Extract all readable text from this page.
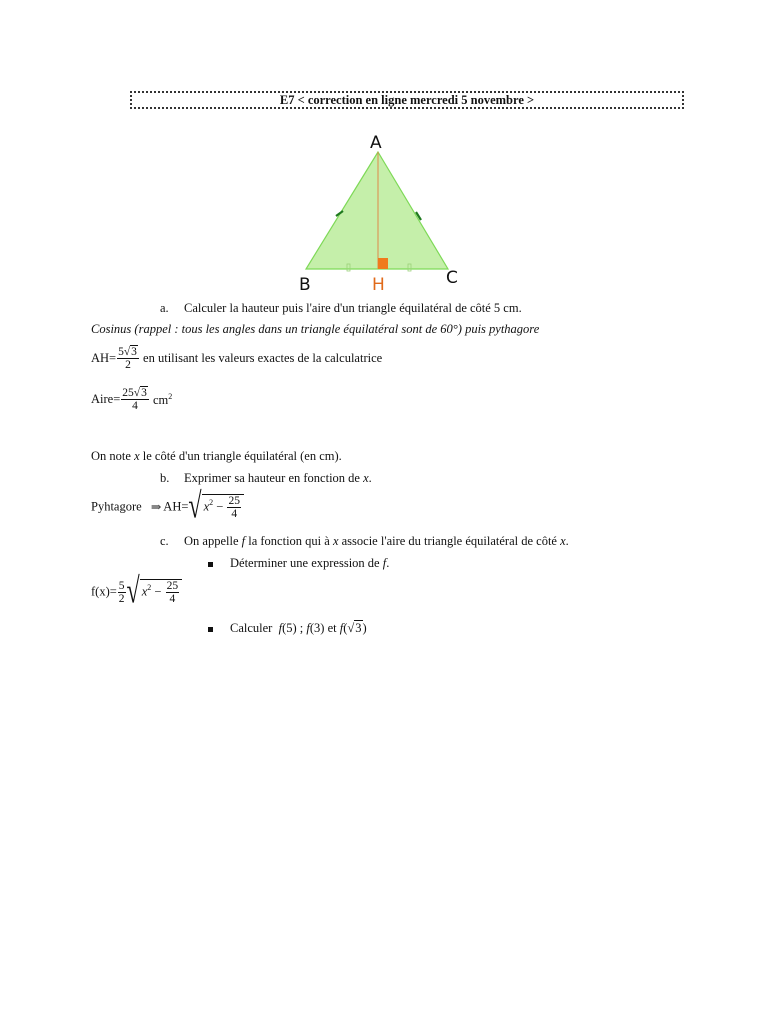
E7 < correction en ligne mercredi 5 novembre >
A
B	C
H
a. Calculer la hauteur puis l'aire d'un triangle équilatéral de côté 5 cm.
Cosinus (rappel : tous les angles dans un triangle équilatéral sont de 60°) puis pythagore
$AH= \frac{5√3}{2}$ en utilisant les valeurs exactes de la calculatrice
Aire= $\frac{25√3}{4} cm^2$
On note x le côté d'un triangle équilatéral (en cm).
b. Exprimer sa hauteur en fonction de x.
Pyhtagore ⇒ AH=√ $x^2 - \frac{25}{4}$
c. On appelle f la fonction qui à x associe l'aire du triangle équilatéral de côté x.
Déterminer une expression de f.
$f(x)= \frac{5}{2}$ √ $x^2 - \frac{25}{4}$
Calculer f(5) ; f(3) et f(√3)
